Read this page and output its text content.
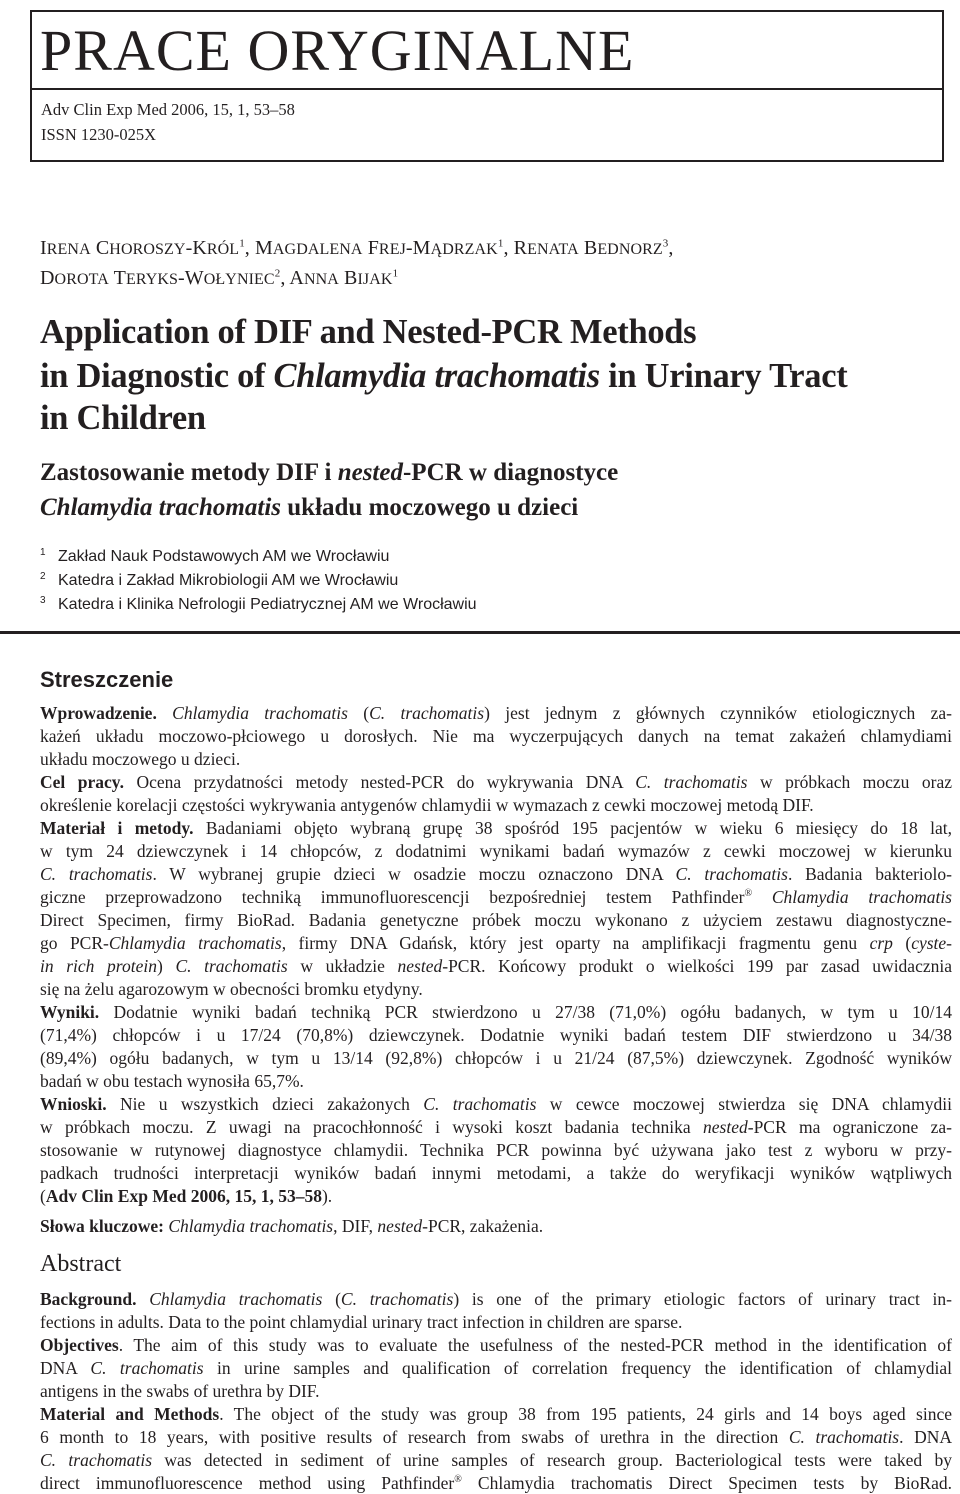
PRACE ORYGINALNE
Adv Clin Exp Med 2006, 15, 1, 53–58
ISSN 1230-025X
IRENA CHOROSZY-KRÓL$^1$, MAGDALENA FREJ-MĄDRZAK$^1$, RENATA BEDNORZ$^3$,
DOROTA TERYKS-WOŁYNIEC$^2$, ANNA BIJAK$^1$
Application of DIF and Nested-PCR Methods
in Diagnostic of Chlamydia trachomatis in Urinary Tract
in Children
Zastosowanie metody DIF i nested-PCR w diagnostyce
Chlamydia trachomatis układu moczowego u dzieci
1 Zakład Nauk Podstawowych AM we Wrocławiu
2 Katedra i Zakład Mikrobiologii AM we Wrocławiu
3 Katedra i Klinika Nefrologii Pediatrycznej AM we Wrocławiu
Streszczenie
Wprowadzenie. Chlamydia trachomatis (C. trachomatis) jest jednym z głównych czynników etiologicznych za-
każeń układu moczowo-płciowego u dorosłych. Nie ma wyczerpujących danych na temat zakażeń chlamydiami
układu moczowego u dzieci.
Cel pracy. Ocena przydatności metody nested-PCR do wykrywania DNA C. trachomatis w próbkach moczu oraz
określenie korelacji częstości wykrywania antygenów chlamydii w wymazach z cewki moczowej metodą DIF.
Materiał i metody. Badaniami objęto wybraną grupę 38 spośród 195 pacjentów w wieku 6 miesięcy do 18 lat,
w tym 24 dziewczynek i 14 chłopców, z dodatnimi wynikami badań wymazów z cewki moczowej w kierunku
C. trachomatis. W wybranej grupie dzieci w osadzie moczu oznaczono DNA C. trachomatis. Badania bakteriolo-
giczne przeprowadzono techniką immunofluorescencji bezpośredniej testem Pathfinder® Chlamydia trachomatis
Direct Specimen, firmy BioRad. Badania genetyczne próbek moczu wykonano z użyciem zestawu diagnostyczne-
go PCR-Chlamydia trachomatis, firmy DNA Gdańsk, który jest oparty na amplifikacji fragmentu genu crp (cyste-
in rich protein) C. trachomatis w układzie nested-PCR. Końcowy produkt o wielkości 199 par zasad uwidacznia
się na żelu agarozowym w obecności bromku etydyny.
Wyniki. Dodatnie wyniki badań techniką PCR stwierdzono u 27/38 (71,0%) ogółu badanych, w tym u 10/14
(71,4%) chłopców i u 17/24 (70,8%) dziewczynek. Dodatnie wyniki badań testem DIF stwierdzono u 34/38
(89,4%) ogółu badanych, w tym u 13/14 (92,8%) chłopców i u 21/24 (87,5%) dziewczynek. Zgodność wyników
badań w obu testach wynosiła 65,7%.
Wnioski. Nie u wszystkich dzieci zakażonych C. trachomatis w cewce moczowej stwierdza się DNA chlamydii
w próbkach moczu. Z uwagi na pracochłonność i wysoki koszt badania technika nested-PCR ma ograniczone za-
stosowanie w rutynowej diagnostyce chlamydii. Technika PCR powinna być używana jako test z wyboru w przy-
padkach trudności interpretacji wyników badań innymi metodami, a także do weryfikacji wyników wątpliwych
(Adv Clin Exp Med 2006, 15, 1, 53–58).
Słowa kluczowe: Chlamydia trachomatis, DIF, nested-PCR, zakażenia.
Abstract
Background. Chlamydia trachomatis (C. trachomatis) is one of the primary etiologic factors of urinary tract in-
fections in adults. Data to the point chlamydial urinary tract infection in children are sparse.
Objectives. The aim of this study was to evaluate the usefulness of the nested-PCR method in the identification of
DNA C. trachomatis in urine samples and qualification of correlation frequency the identification of chlamydial
antigens in the swabs of urethra by DIF.
Material and Methods. The object of the study was group 38 from 195 patients, 24 girls and 14 boys aged since
6 month to 18 years, with positive results of research from swabs of urethra in the direction C. trachomatis. DNA
C. trachomatis was detected in sediment of urine samples of research group. Bacteriological tests were taked by
direct immunofluorescence method using Pathfinder® Chlamydia trachomatis Direct Specimen tests by BioRad.
